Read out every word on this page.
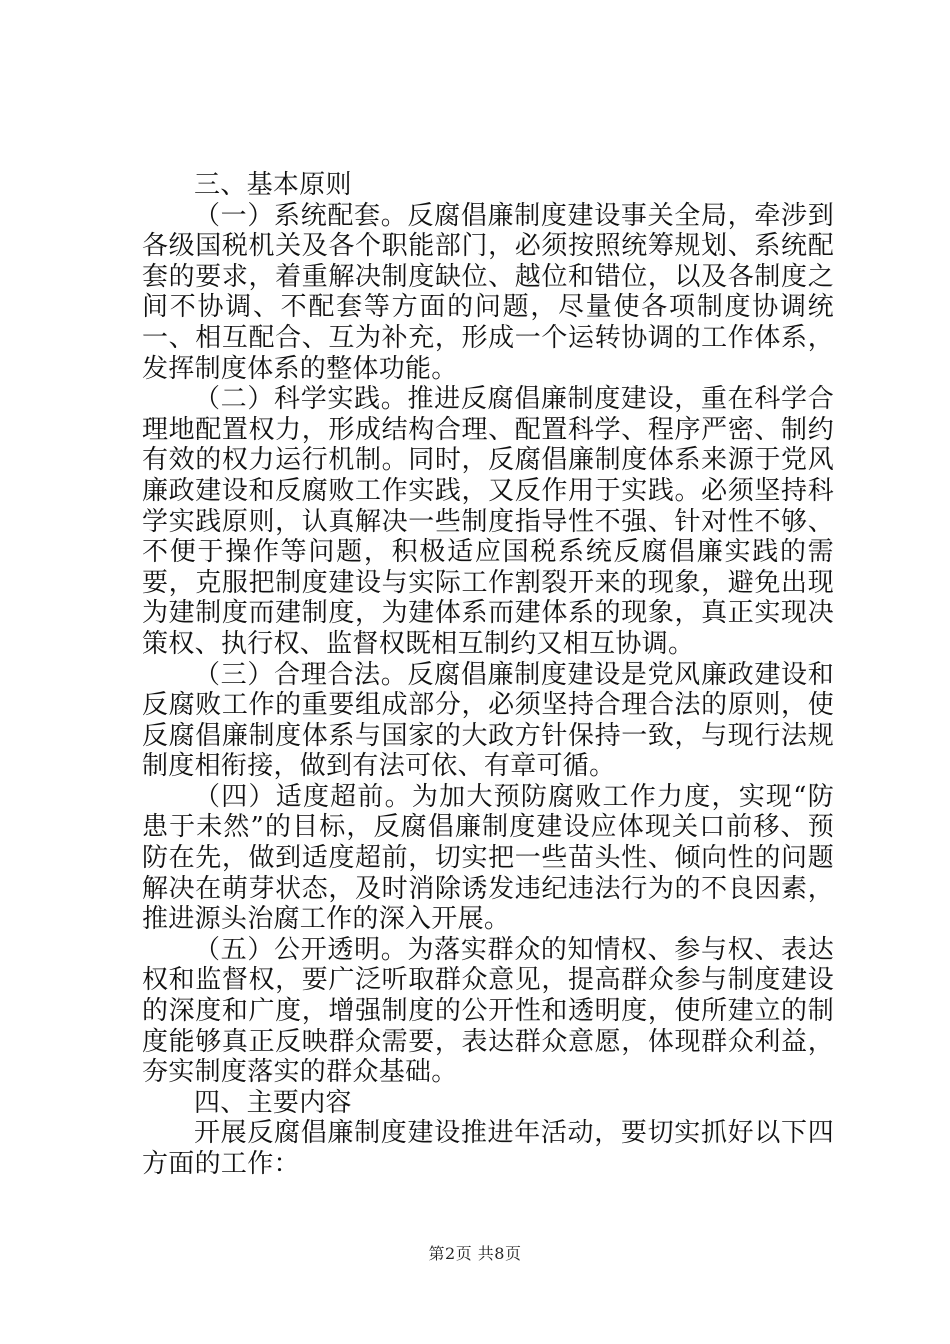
三、基本原则

（一）系统配套。反腐倡廉制度建设事关全局，牵涉到各级国税机关及各个职能部门，必须按照统筹规划、系统配套的要求，着重解决制度缺位、越位和错位，以及各制度之间不协调、不配套等方面的问题，尽量使各项制度协调统一、相互配合、互为补充，形成一个运转协调的工作体系，发挥制度体系的整体功能。

（二）科学实践。推进反腐倡廉制度建设，重在科学合理地配置权力，形成结构合理、配置科学、程序严密、制约有效的权力运行机制。同时，反腐倡廉制度体系来源于党风廉政建设和反腐败工作实践，又反作用于实践。必须坚持科学实践原则，认真解决一些制度指导性不强、针对性不够、不便于操作等问题，积极适应国税系统反腐倡廉实践的需要，克服把制度建设与实际工作割裂开来的现象，避免出现为建制度而建制度，为建体系而建体系的现象，真正实现决策权、执行权、监督权既相互制约又相互协调。

（三）合理合法。反腐倡廉制度建设是党风廉政建设和反腐败工作的重要组成部分，必须坚持合理合法的原则，使反腐倡廉制度体系与国家的大政方针保持一致，与现行法规制度相衔接，做到有法可依、有章可循。

（四）适度超前。为加大预防腐败工作力度，实现“防患于未然”的目标，反腐倡廉制度建设应体现关口前移、预防在先，做到适度超前，切实把一些苗头性、倾向性的问题解决在萌芽状态，及时消除诱发违纪违法行为的不良因素，推进源头治腐工作的深入开展。

（五）公开透明。为落实群众的知情权、参与权、表达权和监督权，要广泛听取群众意见，提高群众参与制度建设的深度和广度，增强制度的公开性和透明度，使所建立的制度能够真正反映群众需要，表达群众意愿，体现群众利益，夯实制度落实的群众基础。

四、主要内容

开展反腐倡廉制度建设推进年活动，要切实抓好以下四方面的工作：

第2页 共8页
